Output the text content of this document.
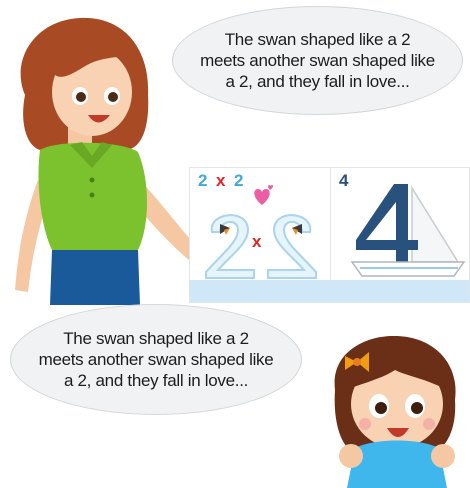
The swan shaped like a 2
meets another swan shaped like
a 2, and they fall in love...
2 x 2
x
4
The swan shaped like a 2
meets another swan shaped like
a 2, and they fall in love...
